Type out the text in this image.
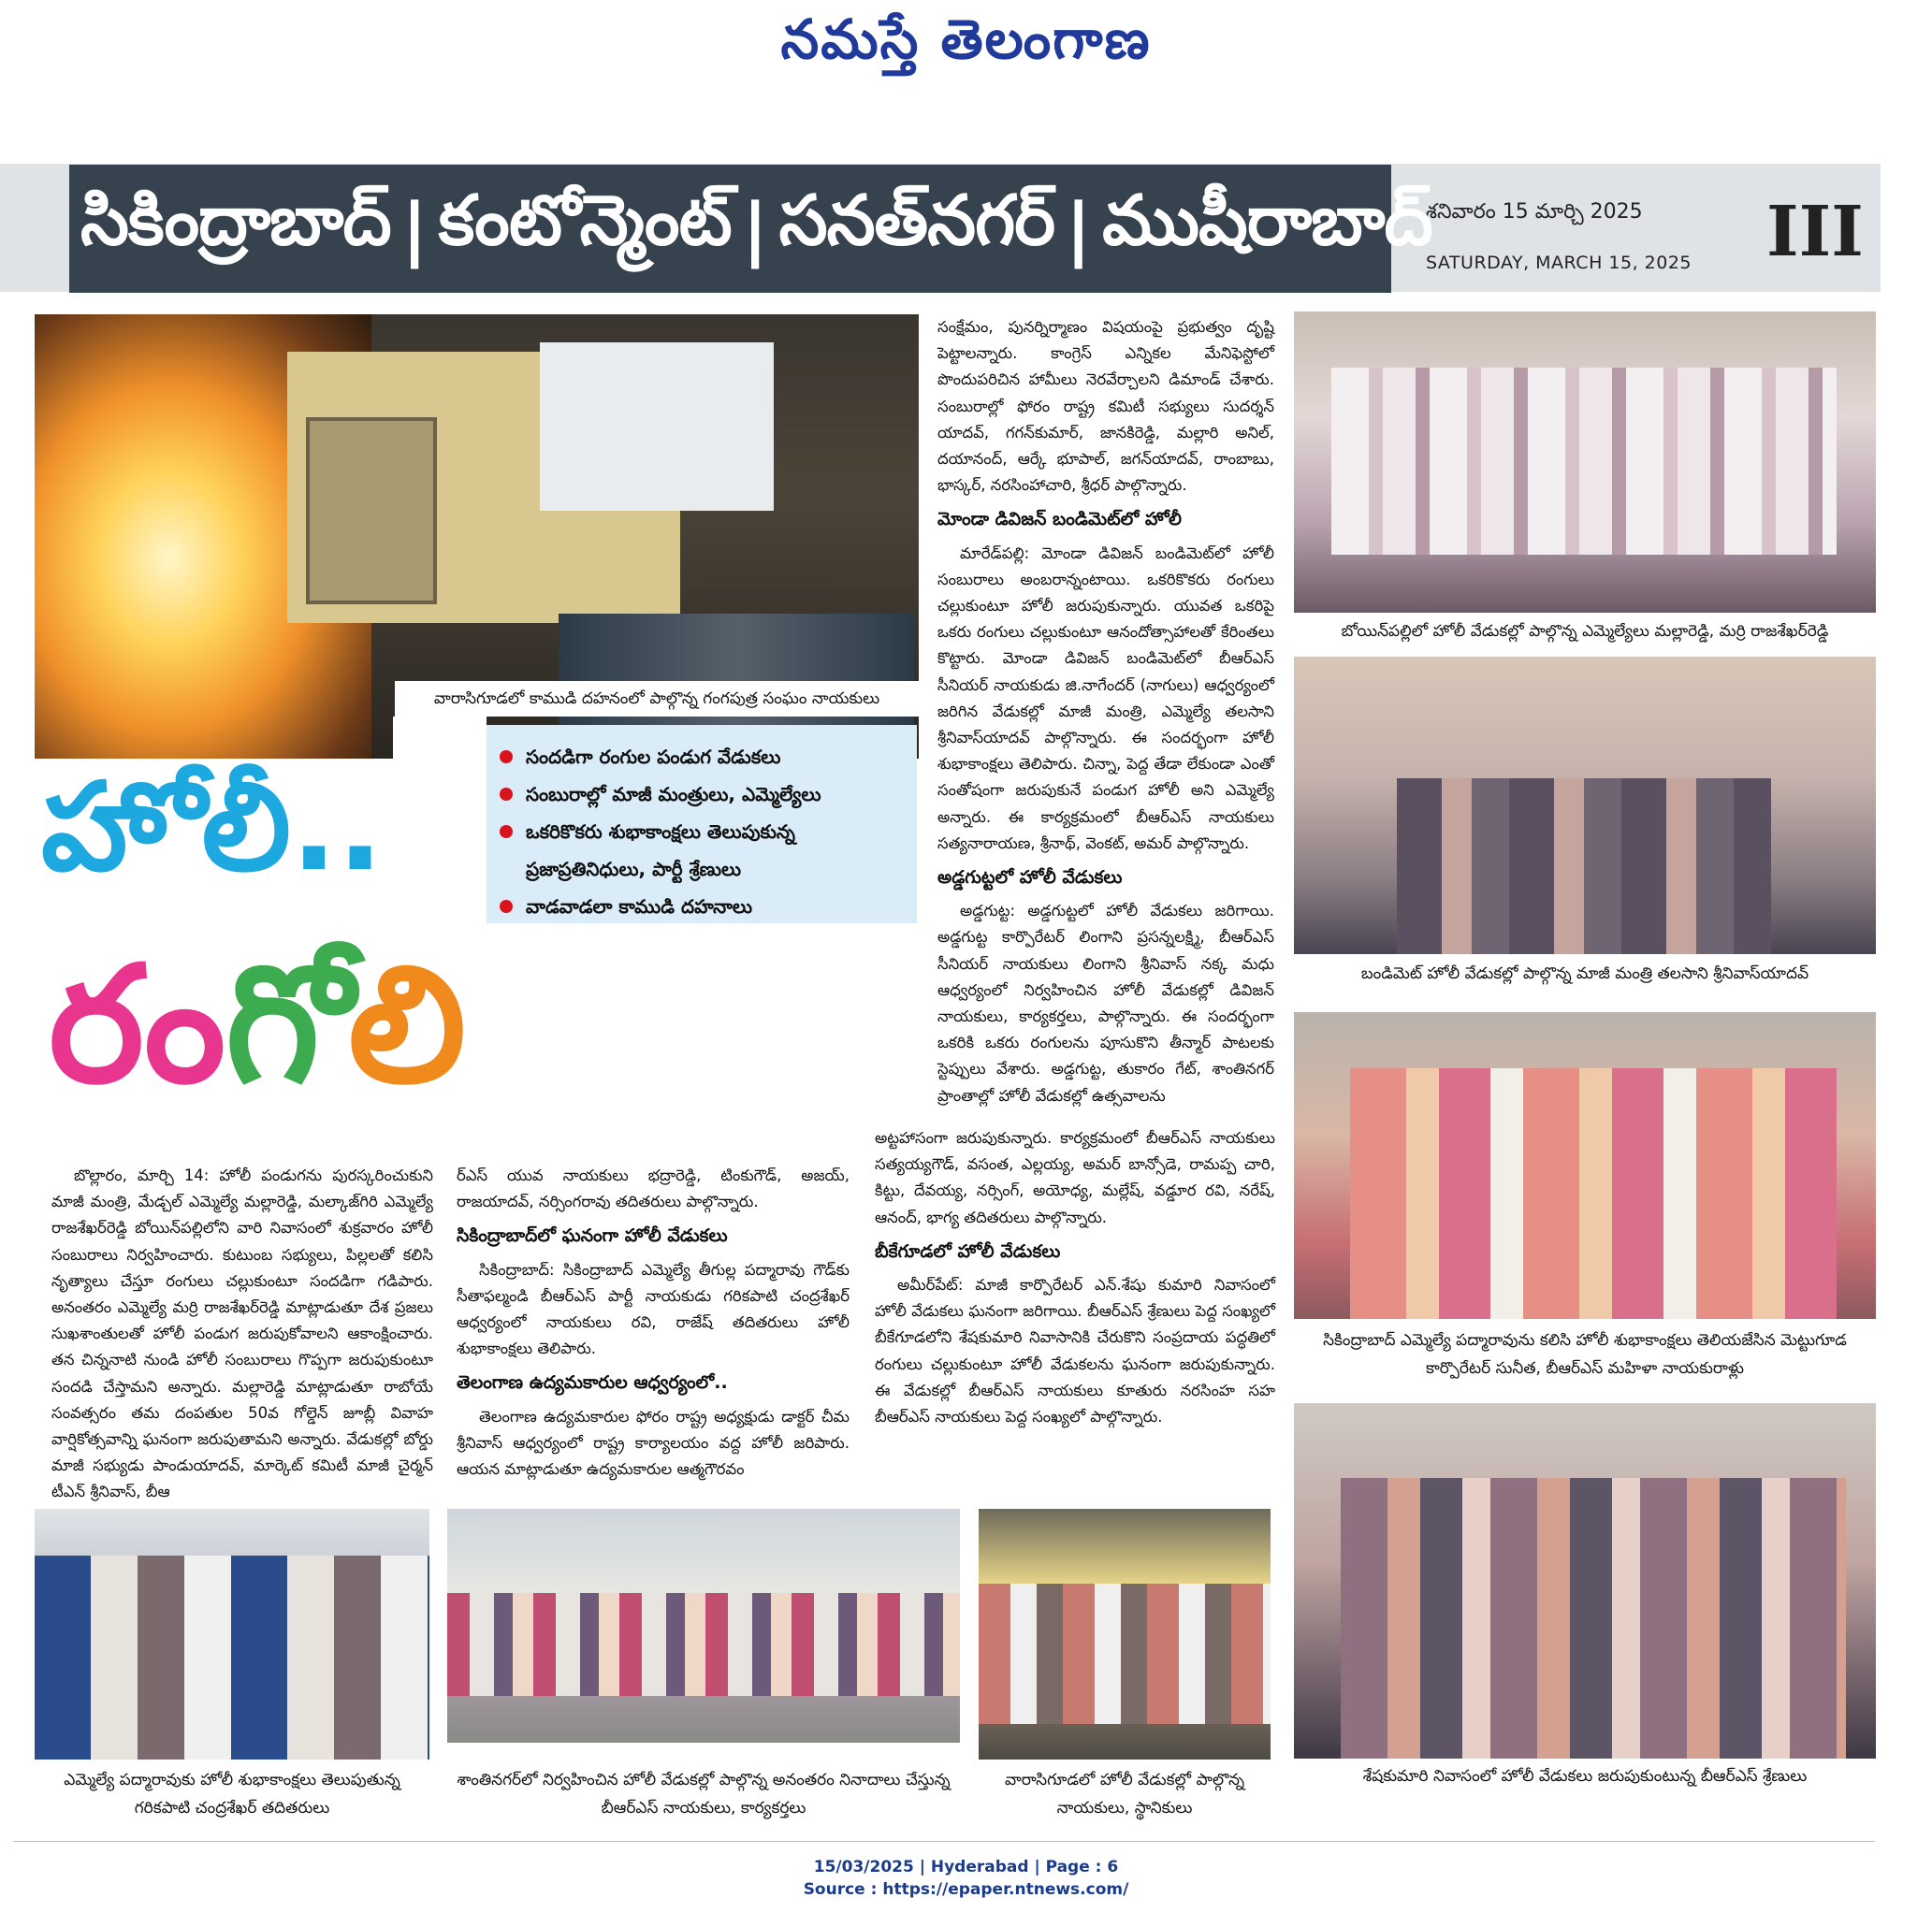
నమస్తే తెలంగాణ
సికింద్రాబాద్ | కంటోన్మెంట్ | సనత్‌నగర్ | ముషీరాబాద్
శనివారం 15 మార్చి 2025
SATURDAY, MARCH 15, 2025 III
వారాసిగూడలో కాముడి దహనంలో పాల్గొన్న గంగపుత్ర సంఘం నాయకులు
సందడిగా రంగుల పండుగ వేడుకలు
సంబురాల్లో మాజీ మంత్రులు, ఎమ్మెల్యేలు
ఒకరికొకరు శుభాకాంక్షలు తెలుపుకున్న ప్రజాప్రతినిధులు, పార్టీ శ్రేణులు
వాడవాడలా కాముడి దహనాలు
హోలీ..
రంగోలి

సంక్షేమం, పునర్నిర్మాణం విషయంపై ప్రభుత్వం దృష్టి పెట్టాలన్నారు. కాంగ్రెస్ ఎన్నికల మేనిఫెస్టోలో పొందుపరిచిన హామీలు నెరవేర్చాలని డిమాండ్ చేశారు. సంబురాల్లో ఫోరం రాష్ట్ర కమిటీ సభ్యులు సుదర్శన్ యాదవ్, గగన్‌కుమార్, జానకిరెడ్డి, మల్లారి అనిల్, దయానంద్, ఆర్కే భూపాల్, జగన్‌యాదవ్, రాంబాబు, భాస్కర్, నరసింహాచారి, శ్రీధర్ పాల్గొన్నారు.

మోండా డివిజన్ బండిమెట్‌లో హోలీ

మారేడ్‌పల్లి: మోండా డివిజన్ బండిమెట్‌లో హోలీ సంబురాలు అంబరాన్నంటాయి. ఒకరికొకరు రంగులు చల్లుకుంటూ హోలీ జరుపుకున్నారు. యువత ఒకరిపై ఒకరు రంగులు చల్లుకుంటూ ఆనందోత్సాహాలతో కేరింతలు కొట్టారు. మోండా డివిజన్ బండిమెట్‌లో బీఆర్‌ఎస్ సీనియర్ నాయకుడు జి.నాగేందర్ (నాగులు) ఆధ్వర్యంలో జరిగిన వేడుకల్లో మాజీ మంత్రి, ఎమ్మెల్యే తలసాని శ్రీనివాస్‌యాదవ్ పాల్గొన్నారు. ఈ సందర్భంగా హోలీ శుభాకాంక్షలు తెలిపారు. చిన్నా, పెద్ద తేడా లేకుండా ఎంతో సంతోషంగా జరుపుకునే పండుగ హోలీ అని ఎమ్మెల్యే అన్నారు. ఈ కార్యక్రమంలో బీఆర్‌ఎస్ నాయకులు సత్యనారాయణ, శ్రీనాథ్, వెంకట్, అమర్ పాల్గొన్నారు.

అడ్డగుట్టలో హోలీ వేడుకలు

అడ్డగుట్ట: అడ్డగుట్టలో హోలీ వేడుకలు జరిగాయి. అడ్డగుట్ట కార్పొరేటర్ లింగాని ప్రసన్నలక్ష్మి, బీఆర్‌ఎస్ సీనియర్ నాయకులు లింగాని శ్రీనివాస్ నక్క మధు ఆధ్వర్యంలో నిర్వహించిన హోలీ వేడుకల్లో డివిజన్ నాయకులు, కార్యకర్తలు, పాల్గొన్నారు. ఈ సందర్భంగా ఒకరికి ఒకరు రంగులను పూసుకొని తీన్మార్ పాటలకు స్టెప్పులు వేశారు. అడ్డగుట్ట, తుకారం గేట్, శాంతినగర్ ప్రాంతాల్లో హోలీ వేడుకల్లో ఉత్సవాలను

బొల్లారం, మార్చి 14: హోలీ పండుగను పురస్కరించుకుని మాజీ మంత్రి, మేడ్చల్ ఎమ్మెల్యే మల్లారెడ్డి, మల్కాజ్‌గిరి ఎమ్మెల్యే రాజశేఖర్‌రెడ్డి బోయిన్‌పల్లిలోని వారి నివాసంలో శుక్రవారం హోలీ సంబురాలు నిర్వహించారు. కుటుంబ సభ్యులు, పిల్లలతో కలిసి నృత్యాలు చేస్తూ రంగులు చల్లుకుంటూ సందడిగా గడిపారు. అనంతరం ఎమ్మెల్యే మర్రి రాజశేఖర్‌రెడ్డి మాట్లాడుతూ దేశ ప్రజలు సుఖశాంతులతో హోలీ పండుగ జరుపుకోవాలని ఆకాంక్షించారు. తన చిన్ననాటి నుండి హోలీ సంబురాలు గొప్పగా జరుపుకుంటూ సందడి చేస్తామని అన్నారు. మల్లారెడ్డి మాట్లాడుతూ రాబోయే సంవత్సరం తమ దంపతుల 50వ గోల్డెన్ జూబ్లీ వివాహ వార్షికోత్సవాన్ని ఘనంగా జరుపుతామని అన్నారు. వేడుకల్లో బోర్డు మాజీ సభ్యుడు పాండుయాదవ్, మార్కెట్ కమిటీ మాజీ చైర్మన్ టీఎన్ శ్రీనివాస్, బీఆ

ర్‌ఎస్ యువ నాయకులు భద్రారెడ్డి, టింకుగౌడ్, అజయ్, రాజయాదవ్, నర్సింగరావు తదితరులు పాల్గొన్నారు.

సికింద్రాబాద్‌లో ఘనంగా హోలీ వేడుకలు

సికింద్రాబాద్: సికింద్రాబాద్ ఎమ్మెల్యే తీగుల్ల పద్మారావు గౌడ్‌కు సీతాఫల్మండి బీఆర్‌ఎస్ పార్టీ నాయకుడు గరికపాటి చంద్రశేఖర్ ఆధ్వర్యంలో నాయకులు రవి, రాజేష్ తదితరులు హోలీ శుభాకాంక్షలు తెలిపారు.

తెలంగాణ ఉద్యమకారుల ఆధ్వర్యంలో..

తెలంగాణ ఉద్యమకారుల ఫోరం రాష్ట్ర అధ్యక్షుడు డాక్టర్ చీమ శ్రీనివాస్ ఆధ్వర్యంలో రాష్ట్ర కార్యాలయం వద్ద హోలీ జరిపారు. ఆయన మాట్లాడుతూ ఉద్యమకారుల ఆత్మగౌరవం

అట్టహాసంగా జరుపుకున్నారు. కార్యక్రమంలో బీఆర్‌ఎస్ నాయకులు సత్యయ్యగౌడ్, వసంత, ఎల్లయ్య, అమర్ బాన్సోడె, రామప్ప చారి, కిట్టు, దేవయ్య, నర్సింగ్, అయోధ్య, మల్లేష్, వడ్డూర రవి, నరేష్, ఆనంద్, భాగ్య తదితరులు పాల్గొన్నారు.

బీకేగూడలో హోలీ వేడుకలు

అమీర్‌పేట్: మాజీ కార్పొరేటర్ ఎన్.శేషు కుమారి నివాసంలో హోలీ వేడుకలు ఘనంగా జరిగాయి. బీఆర్‌ఎస్ శ్రేణులు పెద్ద సంఖ్యలో బీకేగూడలోని శేషకుమారి నివాసానికి చేరుకొని సంప్రదాయ పద్ధతిలో రంగులు చల్లుకుంటూ హోలీ వేడుకలను ఘనంగా జరుపుకున్నారు. ఈ వేడుకల్లో బీఆర్‌ఎస్ నాయకులు కూతురు నరసింహ సహ బీఆర్‌ఎస్ నాయకులు పెద్ద సంఖ్యలో పాల్గొన్నారు.

బోయిన్‌పల్లిలో హోలీ వేడుకల్లో పాల్గొన్న ఎమ్మెల్యేలు మల్లారెడ్డి, మర్రి రాజశేఖర్‌రెడ్డి
బండిమెట్ హోలీ వేడుకల్లో పాల్గొన్న మాజీ మంత్రి తలసాని శ్రీనివాస్‌యాదవ్
సికింద్రాబాద్ ఎమ్మెల్యే పద్మారావును కలిసి హోలీ శుభాకాంక్షలు తెలియజేసిన మెట్టుగూడ కార్పొరేటర్ సునీత, బీఆర్‌ఎస్ మహిళా నాయకురాళ్లు
శేషకుమారి నివాసంలో హోలీ వేడుకలు జరుపుకుంటున్న బీఆర్‌ఎస్ శ్రేణులు
ఎమ్మెల్యే పద్మారావుకు హోలీ శుభాకాంక్షలు తెలుపుతున్న గరికపాటి చంద్రశేఖర్ తదితరులు
శాంతినగర్‌లో నిర్వహించిన హోలీ వేడుకల్లో పాల్గొన్న అనంతరం నినాదాలు చేస్తున్న బీఆర్‌ఎస్ నాయకులు, కార్యకర్తలు
వారాసిగూడలో హోలీ వేడుకల్లో పాల్గొన్న నాయకులు, స్థానికులు
15/03/2025 | Hyderabad | Page : 6
Source : https://epaper.ntnews.com/
